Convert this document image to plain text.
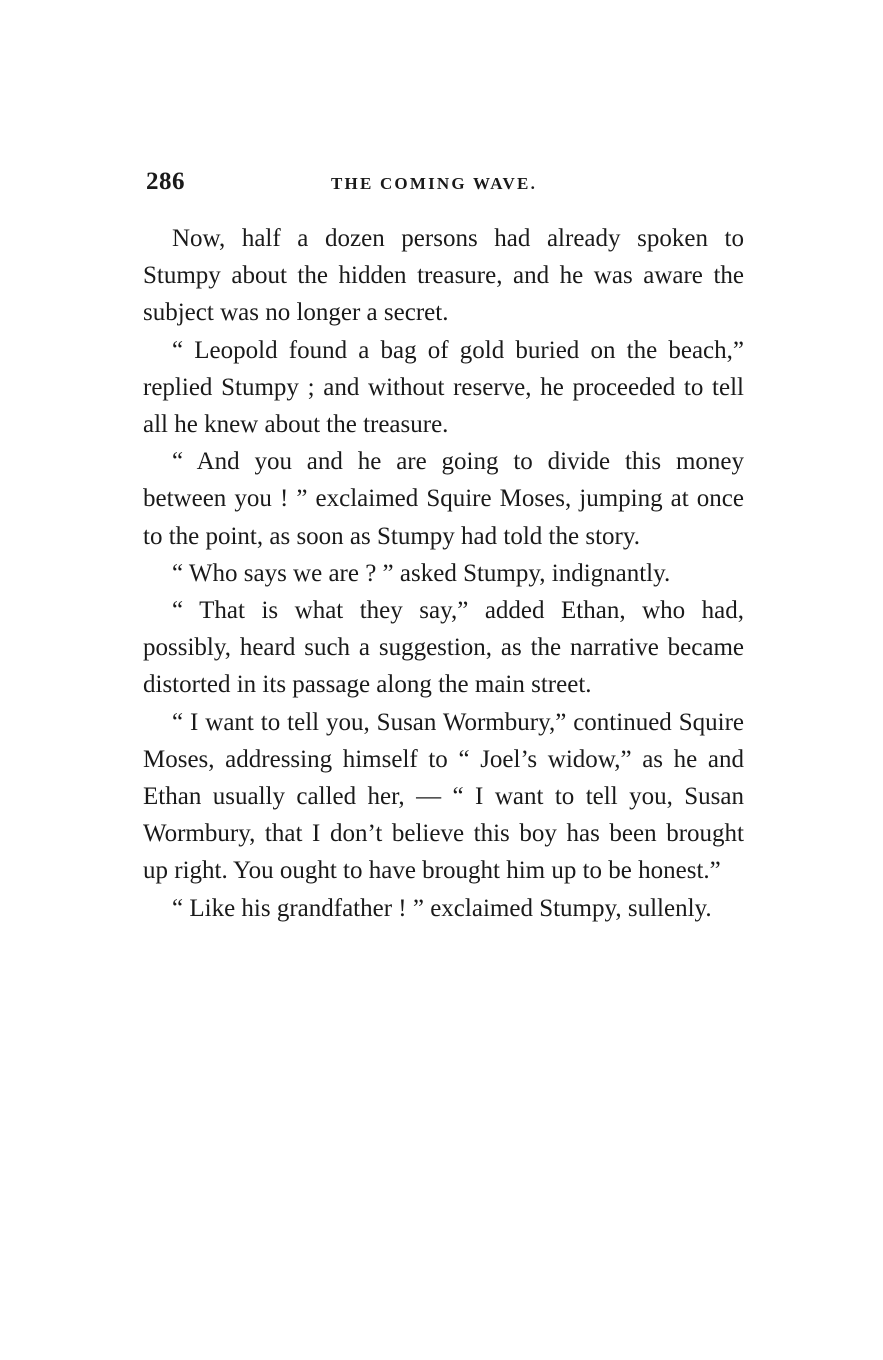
286	THE COMING WAVE.

Now, half a dozen persons had already spoken to Stumpy about the hidden treasure, and he was aware the subject was no longer a secret.

“ Leopold found a bag of gold buried on the beach,” replied Stumpy ; and without reserve, he proceeded to tell all he knew about the treasure.

“ And you and he are going to divide this money between you ! ” exclaimed Squire Moses, jumping at once to the point, as soon as Stumpy had told the story.

“ Who says we are ? ” asked Stumpy, indignantly.

“ That is what they say,” added Ethan, who had, possibly, heard such a suggestion, as the narrative became distorted in its passage along the main street.

“ I want to tell you, Susan Wormbury,” continued Squire Moses, addressing himself to “ Joel’s widow,” as he and Ethan usually called her, — “ I want to tell you, Susan Wormbury, that I don’t believe this boy has been brought up right. You ought to have brought him up to be honest.”

“ Like his grandfather ! ” exclaimed Stumpy, sullenly.
